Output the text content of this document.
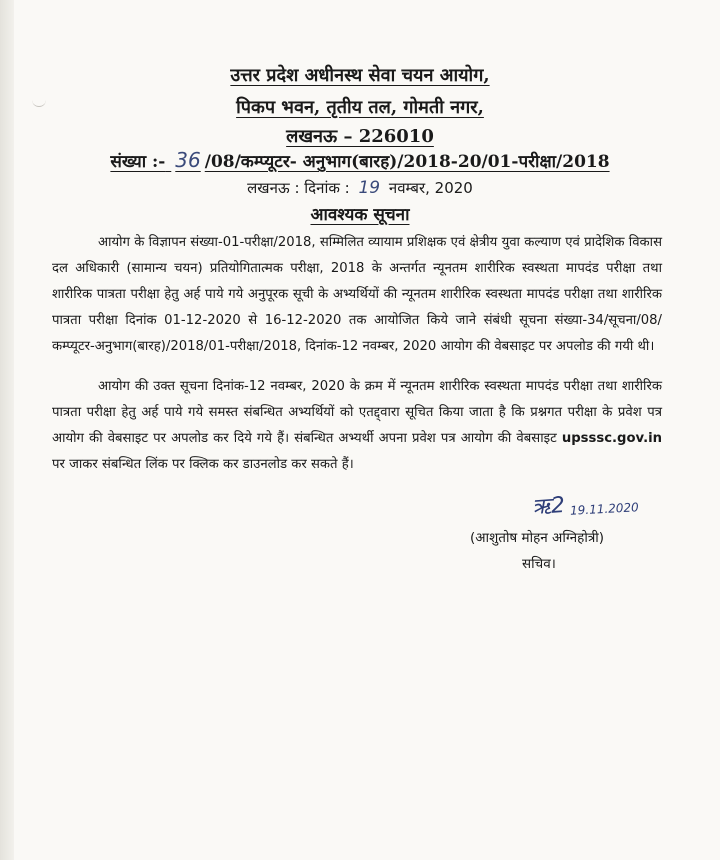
उत्तर प्रदेश अधीनस्थ सेवा चयन आयोग,
पिकप भवन, तृतीय तल, गोमती नगर,
लखनऊ – 226010
संख्या :- 36 /08/कम्प्यूटर- अनुभाग(बारह)/2018-20/01-परीक्षा/2018
लखनऊ : दिनांक : 19 नवम्बर, 2020
आवश्यक सूचना

आयोग के विज्ञापन संख्या-01-परीक्षा/2018, सम्मिलित व्यायाम प्रशिक्षक एवं क्षेत्रीय युवा कल्याण एवं प्रादेशिक विकास दल अधिकारी (सामान्य चयन) प्रतियोगितात्मक परीक्षा, 2018 के अन्तर्गत न्यूनतम शारीरिक स्वस्थता मापदंड परीक्षा तथा शारीरिक पात्रता परीक्षा हेतु अर्ह पाये गये अनुपूरक सूची के अभ्यर्थियों की न्यूनतम शारीरिक स्वस्थता मापदंड परीक्षा तथा शारीरिक पात्रता परीक्षा दिनांक 01-12-2020 से 16-12-2020 तक आयोजित किये जाने संबंधी सूचना संख्या-34/सूचना/08/कम्प्यूटर-अनुभाग(बारह)/2018/01-परीक्षा/2018, दिनांक-12 नवम्बर, 2020 आयोग की वेबसाइट पर अपलोड की गयी थी।

आयोग की उक्त सूचना दिनांक-12 नवम्बर, 2020 के क्रम में न्यूनतम शारीरिक स्वस्थता मापदंड परीक्षा तथा शारीरिक पात्रता परीक्षा हेतु अर्ह पाये गये समस्त संबन्धित अभ्यर्थियों को एतद्द्वारा सूचित किया जाता है कि प्रश्नगत परीक्षा के प्रवेश पत्र आयोग की वेबसाइट पर अपलोड कर दिये गये हैं। संबन्धित अभ्यर्थी अपना प्रवेश पत्र आयोग की वेबसाइट upsssc.gov.in पर जाकर संबन्धित लिंक पर क्लिक कर डाउनलोड कर सकते हैं।

ऋ2 19.11.2020
(आशुतोष मोहन अग्निहोत्री)
सचिव।
